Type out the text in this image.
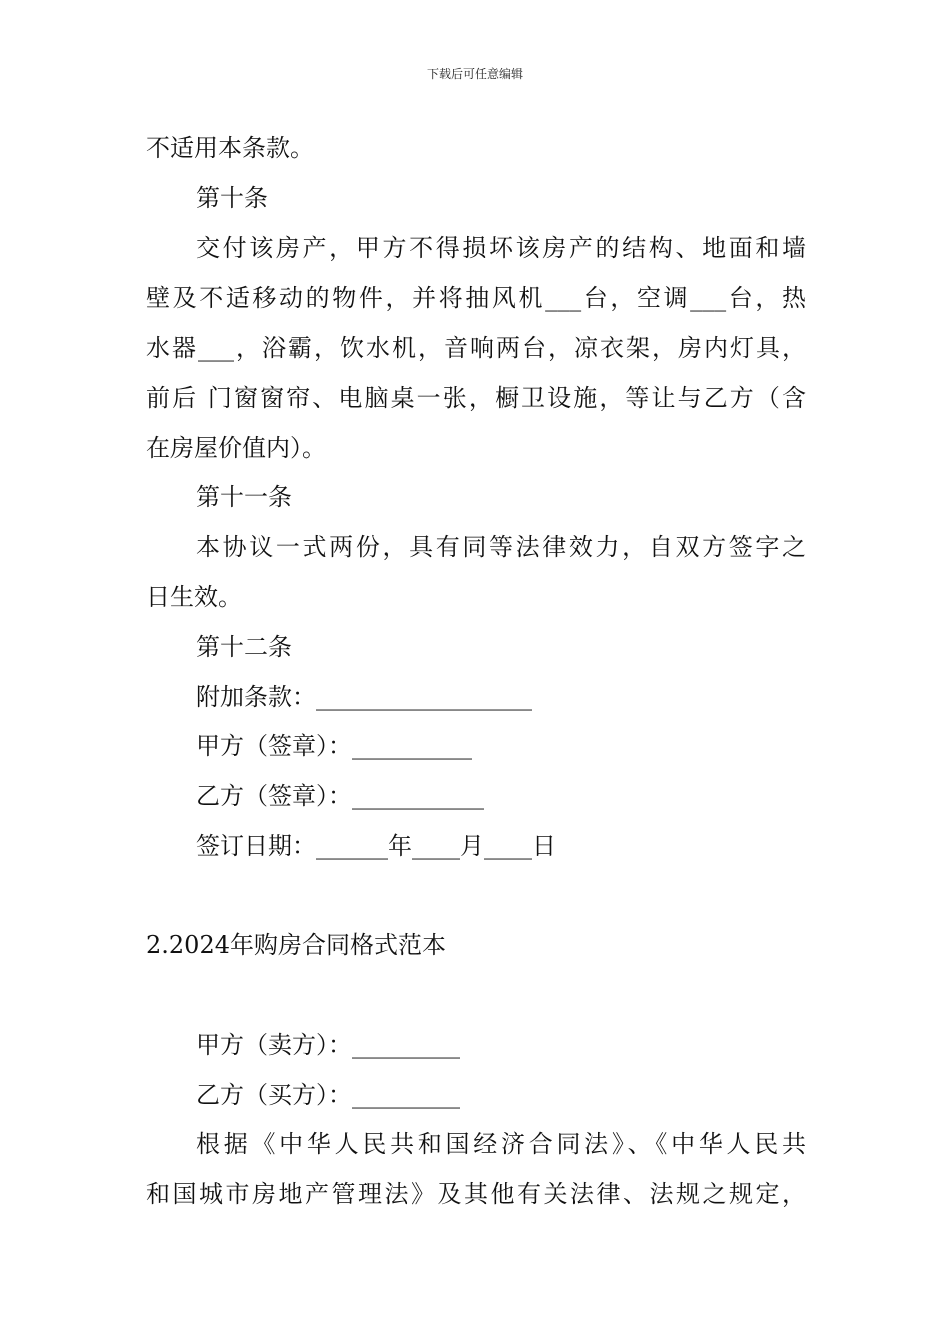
下载后可任意编辑
不适用本条款。
第十条
交付该房产，甲方不得损坏该房产的结构、地面和墙
壁及不适移动的物件，并将抽风机___台，空调___台，热
水器___，浴霸，饮水机，音响两台，凉衣架，房内灯具，
前后 门窗窗帘、电脑桌一张，橱卫设施，等让与乙方（含
在房屋价值内）。
第十一条
本协议一式两份，具有同等法律效力，自双方签字之
日生效。
第十二条
附加条款：__________________
甲方（签章）：__________
乙方（签章）：___________
签订日期：______年____月____日
2.2024年购房合同格式范本
甲方（卖方）：_________
乙方（买方）：_________
根据《中华人民共和国经济合同法》、《中华人民共
和国城市房地产管理法》及其他有关法律、法规之规定，
